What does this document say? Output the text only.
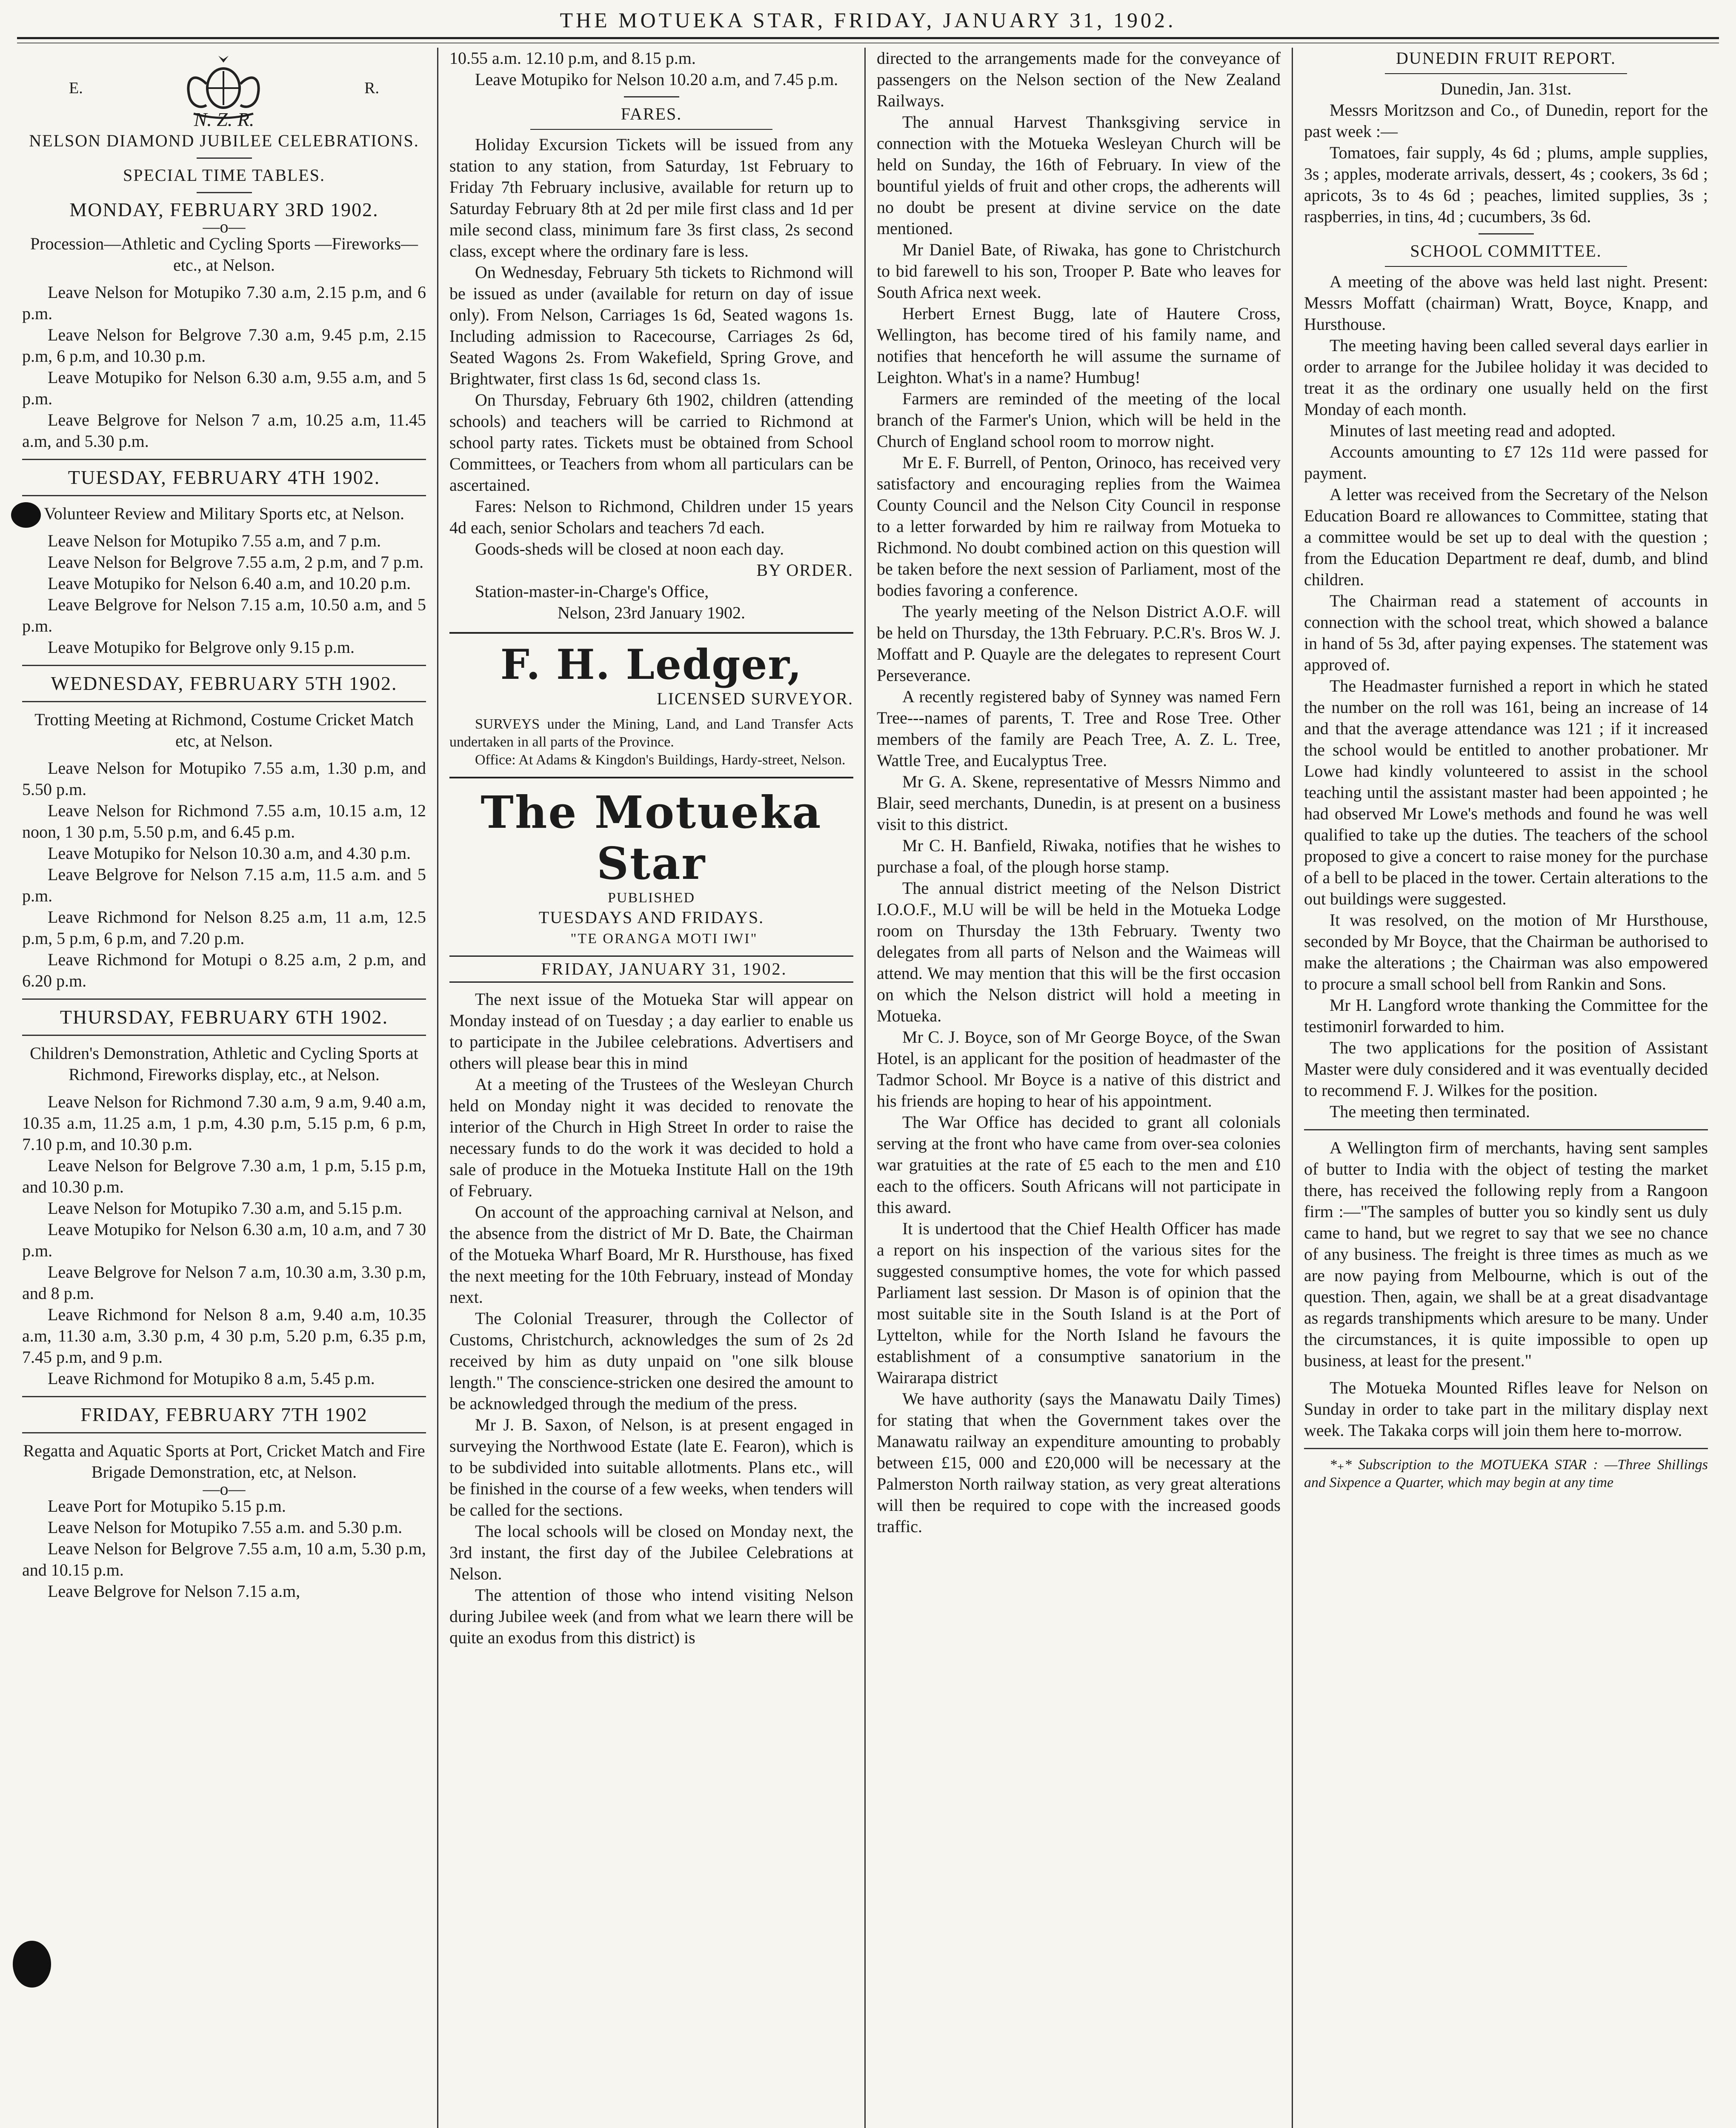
THE MOTUEKA STAR, FRIDAY, JANUARY 31, 1902.
E.	R.

N. Z. R.

NELSON DIAMOND JUBILEE CELEBRATIONS.

SPECIAL TIME TABLES.

MONDAY, FEBRUARY 3RD 1902.

—o—

Procession—Athletic and Cycling Sports —Fireworks—etc., at Nelson.

Leave Nelson for Motupiko 7.30 a.m, 2.15 p.m, and 6 p.m.

Leave Nelson for Belgrove 7.30 a.m, 9.45 p.m, 2.15 p.m, 6 p.m, and 10.30 p.m.

Leave Motupiko for Nelson 6.30 a.m, 9.55 a.m, and 5 p.m.

Leave Belgrove for Nelson 7 a.m, 10.25 a.m, 11.45 a.m, and 5.30 p.m.

TUESDAY, FEBRUARY 4TH 1902.

Volunteer Review and Military Sports etc, at Nelson.

Leave Nelson for Motupiko 7.55 a.m, and 7 p.m.

Leave Nelson for Belgrove 7.55 a.m, 2 p.m, and 7 p.m.

Leave Motupiko for Nelson 6.40 a.m, and 10.20 p.m.

Leave Belgrove for Nelson 7.15 a.m, 10.50 a.m, and 5 p.m.

Leave Motupiko for Belgrove only 9.15 p.m.

WEDNESDAY, FEBRUARY 5TH 1902.

Trotting Meeting at Richmond, Costume Cricket Match etc, at Nelson.

Leave Nelson for Motupiko 7.55 a.m, 1.30 p.m, and 5.50 p.m.

Leave Nelson for Richmond 7.55 a.m, 10.15 a.m, 12 noon, 1 30 p.m, 5.50 p.m, and 6.45 p.m.

Leave Motupiko for Nelson 10.30 a.m, and 4.30 p.m.

Leave Belgrove for Nelson 7.15 a.m, 11.5 a.m. and 5 p.m.

Leave Richmond for Nelson 8.25 a.m, 11 a.m, 12.5 p.m, 5 p.m, 6 p.m, and 7.20 p.m.

Leave Richmond for Motupi o 8.25 a.m, 2 p.m, and 6.20 p.m.

THURSDAY, FEBRUARY 6TH 1902.

Children's Demonstration, Athletic and Cycling Sports at Richmond, Fireworks display, etc., at Nelson.

Leave Nelson for Richmond 7.30 a.m, 9 a.m, 9.40 a.m, 10.35 a.m, 11.25 a.m, 1 p.m, 4.30 p.m, 5.15 p.m, 6 p.m, 7.10 p.m, and 10.30 p.m.

Leave Nelson for Belgrove 7.30 a.m, 1 p.m, 5.15 p.m, and 10.30 p.m.

Leave Nelson for Motupiko 7.30 a.m, and 5.15 p.m.

Leave Motupiko for Nelson 6.30 a.m, 10 a.m, and 7 30 p.m.

Leave Belgrove for Nelson 7 a.m, 10.30 a.m, 3.30 p.m, and 8 p.m.

Leave Richmond for Nelson 8 a.m, 9.40 a.m, 10.35 a.m, 11.30 a.m, 3.30 p.m, 4 30 p.m, 5.20 p.m, 6.35 p.m, 7.45 p.m, and 9 p.m.

Leave Richmond for Motupiko 8 a.m, 5.45 p.m.

FRIDAY, FEBRUARY 7TH 1902

Regatta and Aquatic Sports at Port, Cricket Match and Fire Brigade Demonstration, etc, at Nelson.

—o—

Leave Port for Motupiko 5.15 p.m.

Leave Nelson for Motupiko 7.55 a.m. and 5.30 p.m.

Leave Nelson for Belgrove 7.55 a.m, 10 a.m, 5.30 p.m, and 10.15 p.m.

Leave Belgrove for Nelson 7.15 a.m,

10.55 a.m. 12.10 p.m, and 8.15 p.m.

Leave Motupiko for Nelson 10.20 a.m, and 7.45 p.m.

FARES.

Holiday Excursion Tickets will be issued from any station to any station, from Saturday, 1st February to Friday 7th February inclusive, available for return up to Saturday February 8th at 2d per mile first class and 1d per mile second class, minimum fare 3s first class, 2s second class, except where the ordinary fare is less.

On Wednesday, February 5th tickets to Richmond will be issued as under (available for return on day of issue only). From Nelson, Carriages 1s 6d, Seated wagons 1s. Including admission to Racecourse, Carriages 2s 6d, Seated Wagons 2s. From Wakefield, Spring Grove, and Brightwater, first class 1s 6d, second class 1s.

On Thursday, February 6th 1902, children (attending schools) and teachers will be carried to Richmond at school party rates. Tickets must be obtained from School Committees, or Teachers from whom all particulars can be ascertained.

Fares: Nelson to Richmond, Children under 15 years 4d each, senior Scholars and teachers 7d each.

Goods-sheds will be closed at noon each day.

BY ORDER.

Station-master-in-Charge's Office,

Nelson, 23rd January 1902.

F. H. Ledger,

LICENSED SURVEYOR.

SURVEYS under the Mining, Land, and Land Transfer Acts undertaken in all parts of the Province.

Office: At Adams & Kingdon's Buildings, Hardy-street, Nelson.

The Motueka Star

PUBLISHED

TUESDAYS AND FRIDAYS.

"TE ORANGA MOTI IWI"

FRIDAY, JANUARY 31, 1902.

The next issue of the Motueka Star will appear on Monday instead of on Tuesday ; a day earlier to enable us to participate in the Jubilee celebrations. Advertisers and others will please bear this in mind

At a meeting of the Trustees of the Wesleyan Church held on Monday night it was decided to renovate the interior of the Church in High Street In order to raise the necessary funds to do the work it was decided to hold a sale of produce in the Motueka Institute Hall on the 19th of February.

On account of the approaching carnival at Nelson, and the absence from the district of Mr D. Bate, the Chairman of the Motueka Wharf Board, Mr R. Hursthouse, has fixed the next meeting for the 10th February, instead of Monday next.

The Colonial Treasurer, through the Collector of Customs, Christchurch, acknowledges the sum of 2s 2d received by him as duty unpaid on "one silk blouse length." The conscience-stricken one desired the amount to be acknowledged through the medium of the press.

Mr J. B. Saxon, of Nelson, is at present engaged in surveying the Northwood Estate (late E. Fearon), which is to be subdivided into suitable allotments. Plans etc., will be finished in the course of a few weeks, when tenders will be called for the sections.

The local schools will be closed on Monday next, the 3rd instant, the first day of the Jubilee Celebrations at Nelson.

The attention of those who intend visiting Nelson during Jubilee week (and from what we learn there will be quite an exodus from this district) is

directed to the arrangements made for the conveyance of passengers on the Nelson section of the New Zealand Railways.

The annual Harvest Thanksgiving service in connection with the Motueka Wesleyan Church will be held on Sunday, the 16th of February. In view of the bountiful yields of fruit and other crops, the adherents will no doubt be present at divine service on the date mentioned.

Mr Daniel Bate, of Riwaka, has gone to Christchurch to bid farewell to his son, Trooper P. Bate who leaves for South Africa next week.

Herbert Ernest Bugg, late of Hautere Cross, Wellington, has become tired of his family name, and notifies that henceforth he will assume the surname of Leighton. What's in a name? Humbug!

Farmers are reminded of the meeting of the local branch of the Farmer's Union, which will be held in the Church of England school room to morrow night.

Mr E. F. Burrell, of Penton, Orinoco, has received very satisfactory and encouraging replies from the Waimea County Council and the Nelson City Council in response to a letter forwarded by him re railway from Motueka to Richmond. No doubt combined action on this question will be taken before the next session of Parliament, most of the bodies favoring a conference.

The yearly meeting of the Nelson District A.O.F. will be held on Thursday, the 13th February. P.C.R's. Bros W. J. Moffatt and P. Quayle are the delegates to represent Court Perseverance.

A recently registered baby of Synney was named Fern Tree---names of parents, T. Tree and Rose Tree. Other members of the family are Peach Tree, A. Z. L. Tree, Wattle Tree, and Eucalyptus Tree.

Mr G. A. Skene, representative of Messrs Nimmo and Blair, seed merchants, Dunedin, is at present on a business visit to this district.

Mr C. H. Banfield, Riwaka, notifies that he wishes to purchase a foal, of the plough horse stamp.

The annual district meeting of the Nelson District I.O.O.F., M.U will be will be held in the Motueka Lodge room on Thursday the 13th February. Twenty two delegates from all parts of Nelson and the Waimeas will attend. We may mention that this will be the first occasion on which the Nelson district will hold a meeting in Motueka.

Mr C. J. Boyce, son of Mr George Boyce, of the Swan Hotel, is an applicant for the position of headmaster of the Tadmor School. Mr Boyce is a native of this district and his friends are hoping to hear of his appointment.

The War Office has decided to grant all colonials serving at the front who have came from over-sea colonies war gratuities at the rate of £5 each to the men and £10 each to the officers. South Africans will not participate in this award.

It is undertood that the Chief Health Officer has made a report on his inspection of the various sites for the suggested consumptive homes, the vote for which passed Parliament last session. Dr Mason is of opinion that the most suitable site in the South Island is at the Port of Lyttelton, while for the North Island he favours the establishment of a consumptive sanatorium in the Wairarapa district

We have authority (says the Manawatu Daily Times) for stating that when the Government takes over the Manawatu railway an expenditure amounting to probably between £15, 000 and £20,000 will be necessary at the Palmerston North railway station, as very great alterations will then be required to cope with the increased goods traffic.

DUNEDIN FRUIT REPORT.

Dunedin, Jan. 31st.

Messrs Moritzson and Co., of Dunedin, report for the past week :—

Tomatoes, fair supply, 4s 6d ; plums, ample supplies, 3s ; apples, moderate arrivals, dessert, 4s ; cookers, 3s 6d ; apricots, 3s to 4s 6d ; peaches, limited supplies, 3s ; raspberries, in tins, 4d ; cucumbers, 3s 6d.

SCHOOL COMMITTEE.

A meeting of the above was held last night. Present: Messrs Moffatt (chairman) Wratt, Boyce, Knapp, and Hursthouse.

The meeting having been called several days earlier in order to arrange for the Jubilee holiday it was decided to treat it as the ordinary one usually held on the first Monday of each month.

Minutes of last meeting read and adopted.

Accounts amounting to £7 12s 11d were passed for payment.

A letter was received from the Secretary of the Nelson Education Board re allowances to Committee, stating that a committee would be set up to deal with the question ; from the Education Department re deaf, dumb, and blind children.

The Chairman read a statement of accounts in connection with the school treat, which showed a balance in hand of 5s 3d, after paying expenses. The statement was approved of.

The Headmaster furnished a report in which he stated the number on the roll was 161, being an increase of 14 and that the average attendance was 121 ; if it increased the school would be entitled to another probationer. Mr Lowe had kindly volunteered to assist in the school teaching until the assistant master had been appointed ; he had observed Mr Lowe's methods and found he was well qualified to take up the duties. The teachers of the school proposed to give a concert to raise money for the purchase of a bell to be placed in the tower. Certain alterations to the out buildings were suggested.

It was resolved, on the motion of Mr Hursthouse, seconded by Mr Boyce, that the Chairman be authorised to make the alterations ; the Chairman was also empowered to procure a small school bell from Rankin and Sons.

Mr H. Langford wrote thanking the Committee for the testimonirl forwarded to him.

The two applications for the position of Assistant Master were duly considered and it was eventually decided to recommend F. J. Wilkes for the position.

The meeting then terminated.

A Wellington firm of merchants, having sent samples of butter to India with the object of testing the market there, has received the following reply from a Rangoon firm :—"The samples of butter you so kindly sent us duly came to hand, but we regret to say that we see no chance of any business. The freight is three times as much as we are now paying from Melbourne, which is out of the question. Then, again, we shall be at a great disadvantage as regards transhipments which aresure to be many. Under the circumstances, it is quite impossible to open up business, at least for the present."

The Motueka Mounted Rifles leave for Nelson on Sunday in order to take part in the military display next week. The Takaka corps will join them here to-morrow.

*₊* Subscription to the MOTUEKA STAR : —Three Shillings and Sixpence a Quarter, which may begin at any time
